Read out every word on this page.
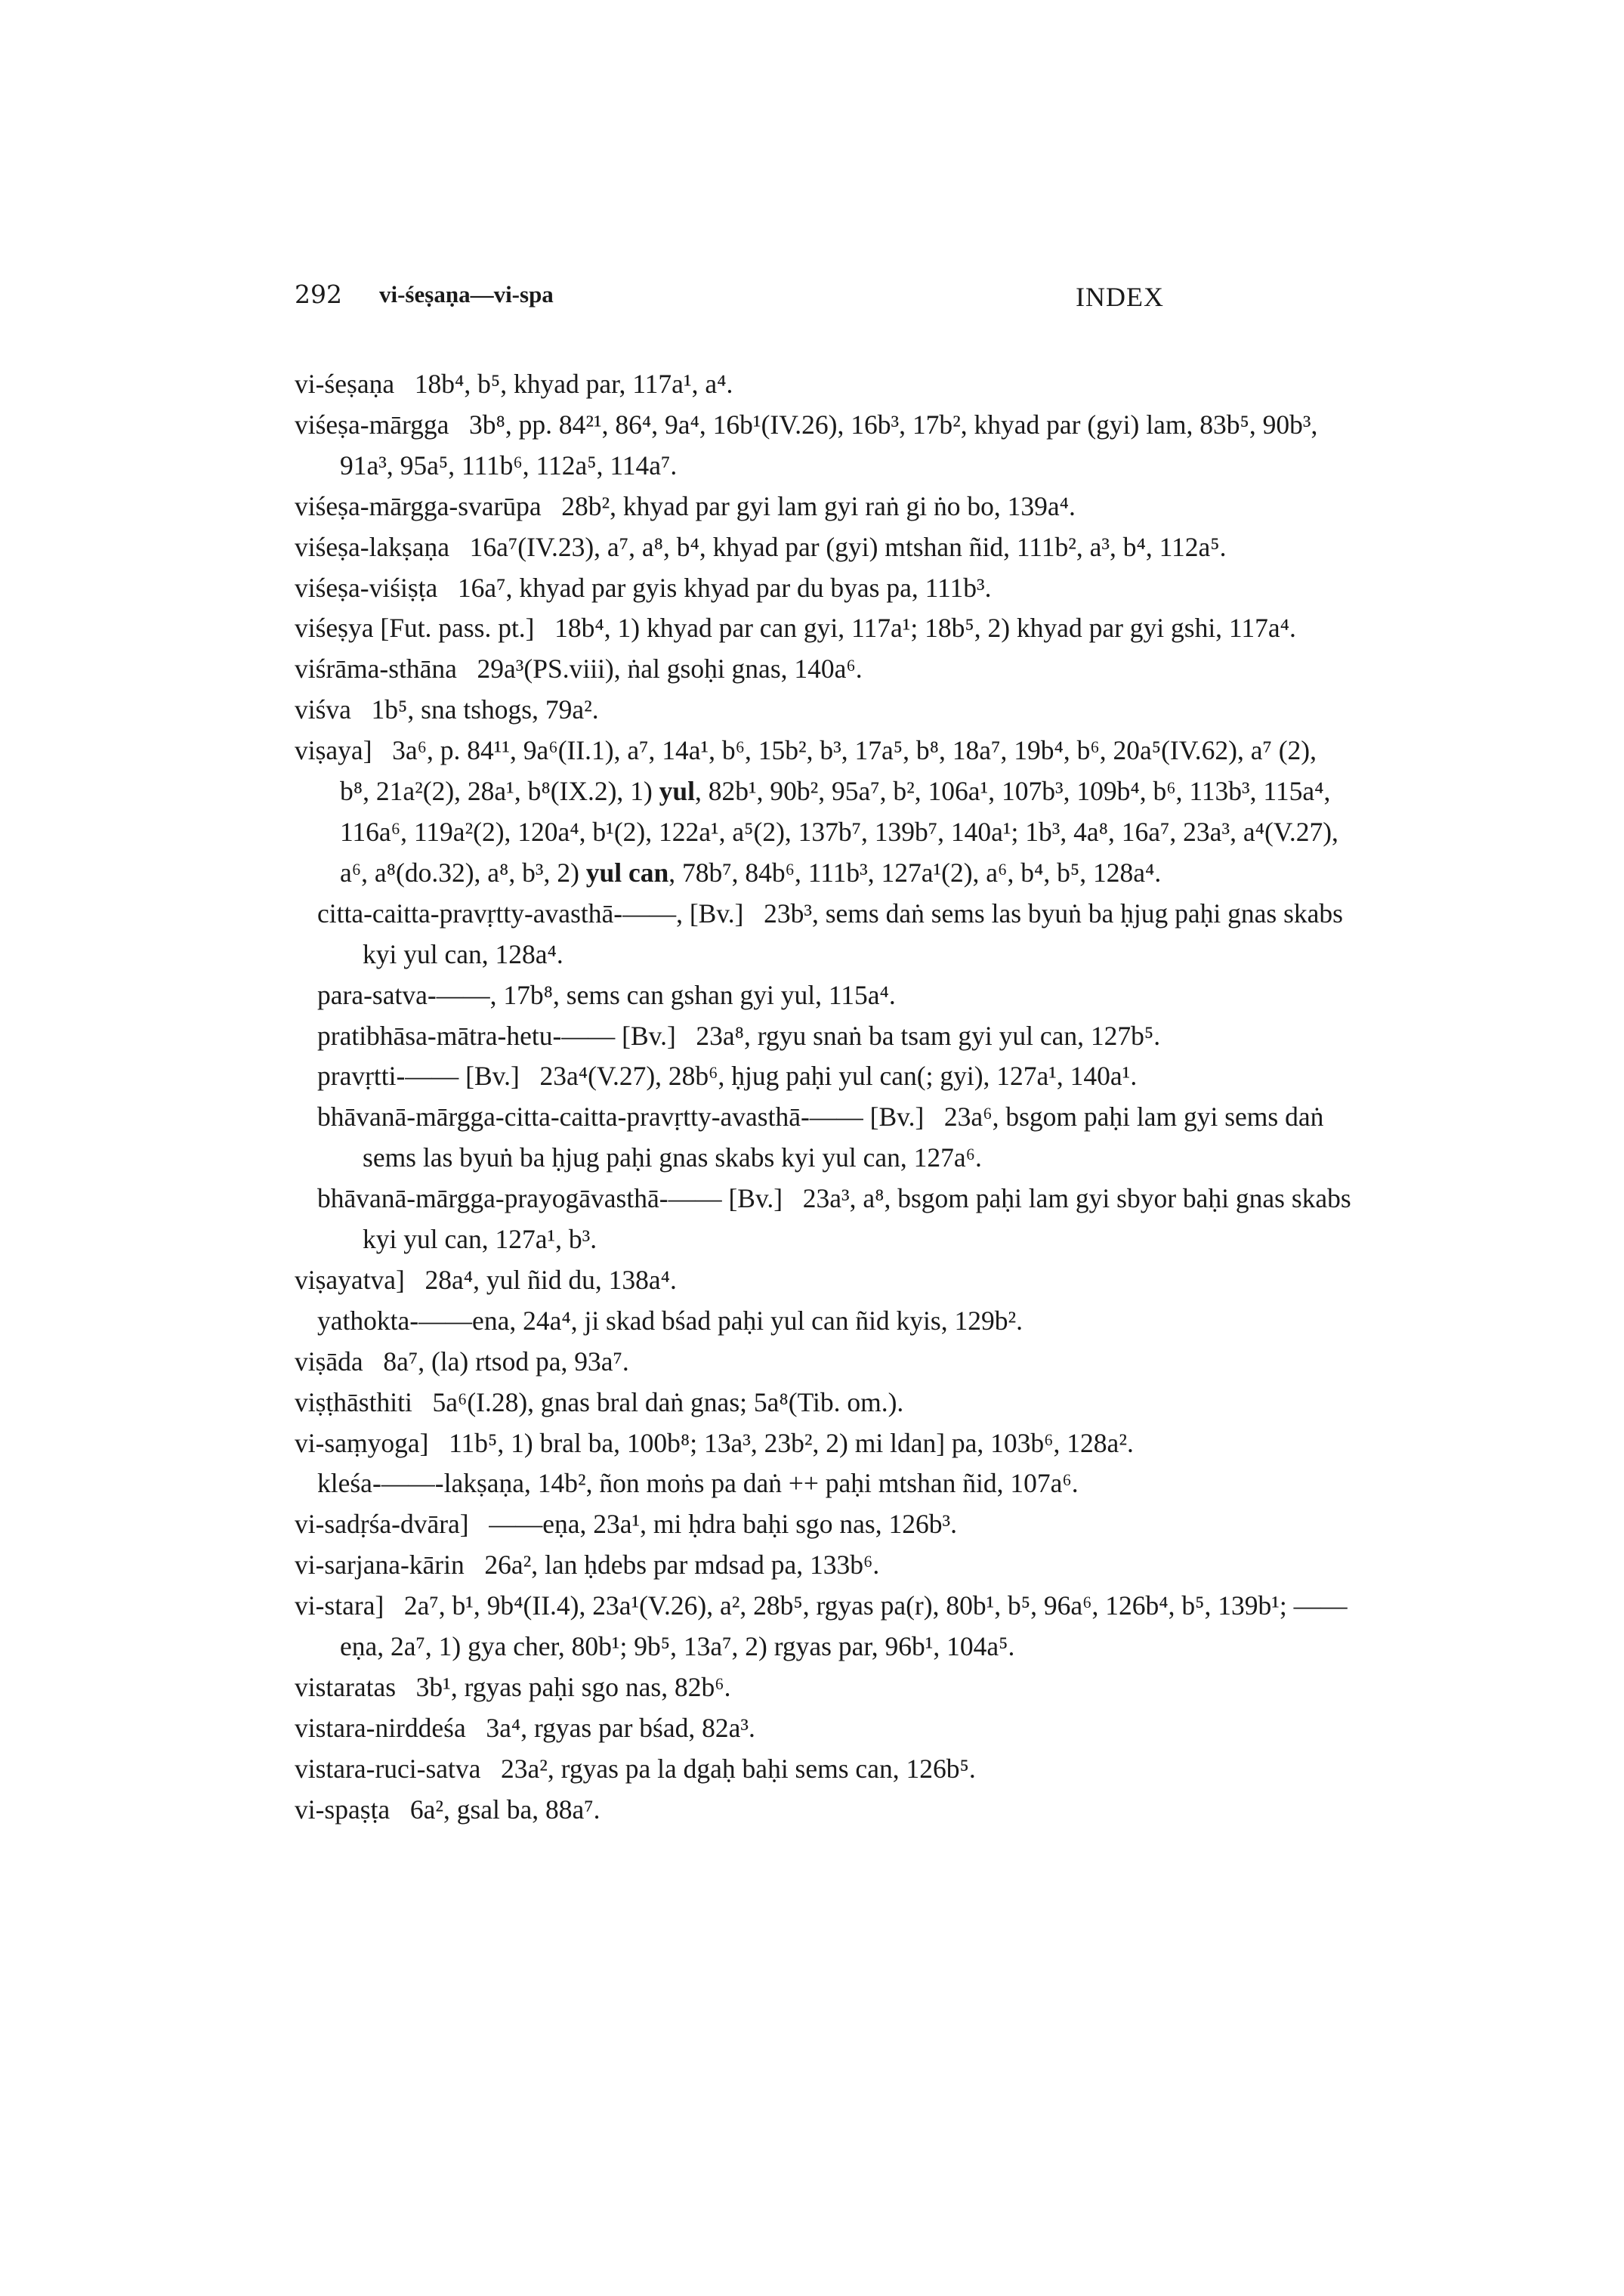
292 vi-śeṣaṇa—vi-spa	INDEX
vi-śeṣaṇa   18b⁴, b⁵, khyad par, 117a¹, a⁴.
viśeṣa-mārgga   3b⁸, pp. 84²¹, 86⁴, 9a⁴, 16b¹(IV.26), 16b³, 17b², khyad par (gyi) lam, 83b⁵, 90b³, 91a³, 95a⁵, 111b⁶, 112a⁵, 114a⁷.
viśeṣa-mārgga-svarūpa   28b², khyad par gyi lam gyi raṅ gi ṅo bo, 139a⁴.
viśeṣa-lakṣaṇa   16a⁷(IV.23), a⁷, a⁸, b⁴, khyad par (gyi) mtshan ñid, 111b², a³, b⁴, 112a⁵.
viśeṣa-viśiṣṭa   16a⁷, khyad par gyis khyad par du byas pa, 111b³.
viśeṣya [Fut. pass. pt.]   18b⁴, 1) khyad par can gyi, 117a¹; 18b⁵, 2) khyad par gyi gshi, 117a⁴.
viśrāma-sthāna   29a³(PS.viii), ṅal gsoḥi gnas, 140a⁶.
viśva   1b⁵, sna tshogs, 79a².
viṣaya]   3a⁶, p. 84¹¹, 9a⁶(II.1), a⁷, 14a¹, b⁶, 15b², b³, 17a⁵, b⁸, 18a⁷, 19b⁴, b⁶, 20a⁵(IV.62), a⁷ (2), b⁸, 21a²(2), 28a¹, b⁸(IX.2), 1) yul, 82b¹, 90b², 95a⁷, b², 106a¹, 107b³, 109b⁴, b⁶, 113b³, 115a⁴, 116a⁶, 119a²(2), 120a⁴, b¹(2), 122a¹, a⁵(2), 137b⁷, 139b⁷, 140a¹; 1b³, 4a⁸, 16a⁷, 23a³, a⁴(V.27), a⁶, a⁸(do.32), a⁸, b³, 2) yul can, 78b⁷, 84b⁶, 111b³, 127a¹(2), a⁶, b⁴, b⁵, 128a⁴.
citta-caitta-pravṛtty-avasthā-——, [Bv.]   23b³, sems daṅ sems las byuṅ ba ḥjug paḥi gnas skabs kyi yul can, 128a⁴.
para-satva-——, 17b⁸, sems can gshan gyi yul, 115a⁴.
pratibhāsa-mātra-hetu-—— [Bv.]   23a⁸, rgyu snaṅ ba tsam gyi yul can, 127b⁵.
pravṛtti-—— [Bv.]   23a⁴(V.27), 28b⁶, ḥjug paḥi yul can(; gyi), 127a¹, 140a¹.
bhāvanā-mārgga-citta-caitta-pravṛtty-avasthā-—— [Bv.]   23a⁶, bsgom paḥi lam gyi sems daṅ sems las byuṅ ba ḥjug paḥi gnas skabs kyi yul can, 127a⁶.
bhāvanā-mārgga-prayogāvasthā-—— [Bv.]   23a³, a⁸, bsgom paḥi lam gyi sbyor baḥi gnas skabs kyi yul can, 127a¹, b³.
viṣayatva]   28a⁴, yul ñid du, 138a⁴.
yathokta-——ena, 24a⁴, ji skad bśad paḥi yul can ñid kyis, 129b².
viṣāda   8a⁷, (la) rtsod pa, 93a⁷.
viṣṭhāsthiti   5a⁶(I.28), gnas bral daṅ gnas; 5a⁸(Tib. om.).
vi-saṃyoga]   11b⁵, 1) bral ba, 100b⁸; 13a³, 23b², 2) mi ldan] pa, 103b⁶, 128a².
kleśa-——-lakṣaṇa, 14b², ñon moṅs pa daṅ ++ paḥi mtshan ñid, 107a⁶.
vi-sadṛśa-dvāra]   ——eṇa, 23a¹, mi ḥdra baḥi sgo nas, 126b³.
vi-sarjana-kārin   26a², lan ḥdebs par mdsad pa, 133b⁶.
vi-stara]   2a⁷, b¹, 9b⁴(II.4), 23a¹(V.26), a², 28b⁵, rgyas pa(r), 80b¹, b⁵, 96a⁶, 126b⁴, b⁵, 139b¹; ——eṇa, 2a⁷, 1) gya cher, 80b¹; 9b⁵, 13a⁷, 2) rgyas par, 96b¹, 104a⁵.
vistaratas   3b¹, rgyas paḥi sgo nas, 82b⁶.
vistara-nirddeśa   3a⁴, rgyas par bśad, 82a³.
vistara-ruci-satva   23a², rgyas pa la dgaḥ baḥi sems can, 126b⁵.
vi-spaṣṭa   6a², gsal ba, 88a⁷.
